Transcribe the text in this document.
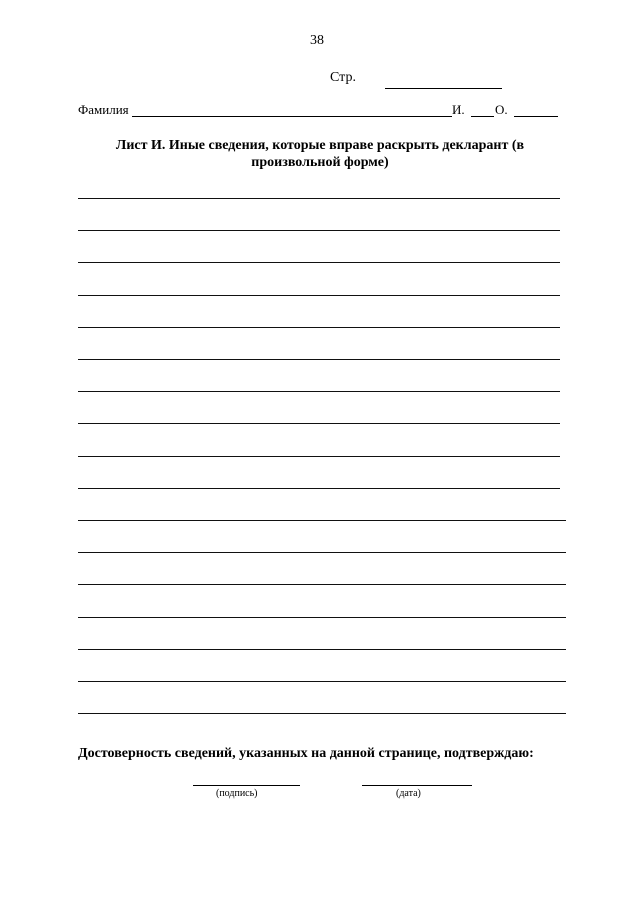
38
Стр.
Фамилия	И. О.
Лист И. Иные сведения, которые вправе раскрыть декларант (в
произвольной форме)
Достоверность сведений, указанных на данной странице, подтверждаю:
(подпись)	(дата)
